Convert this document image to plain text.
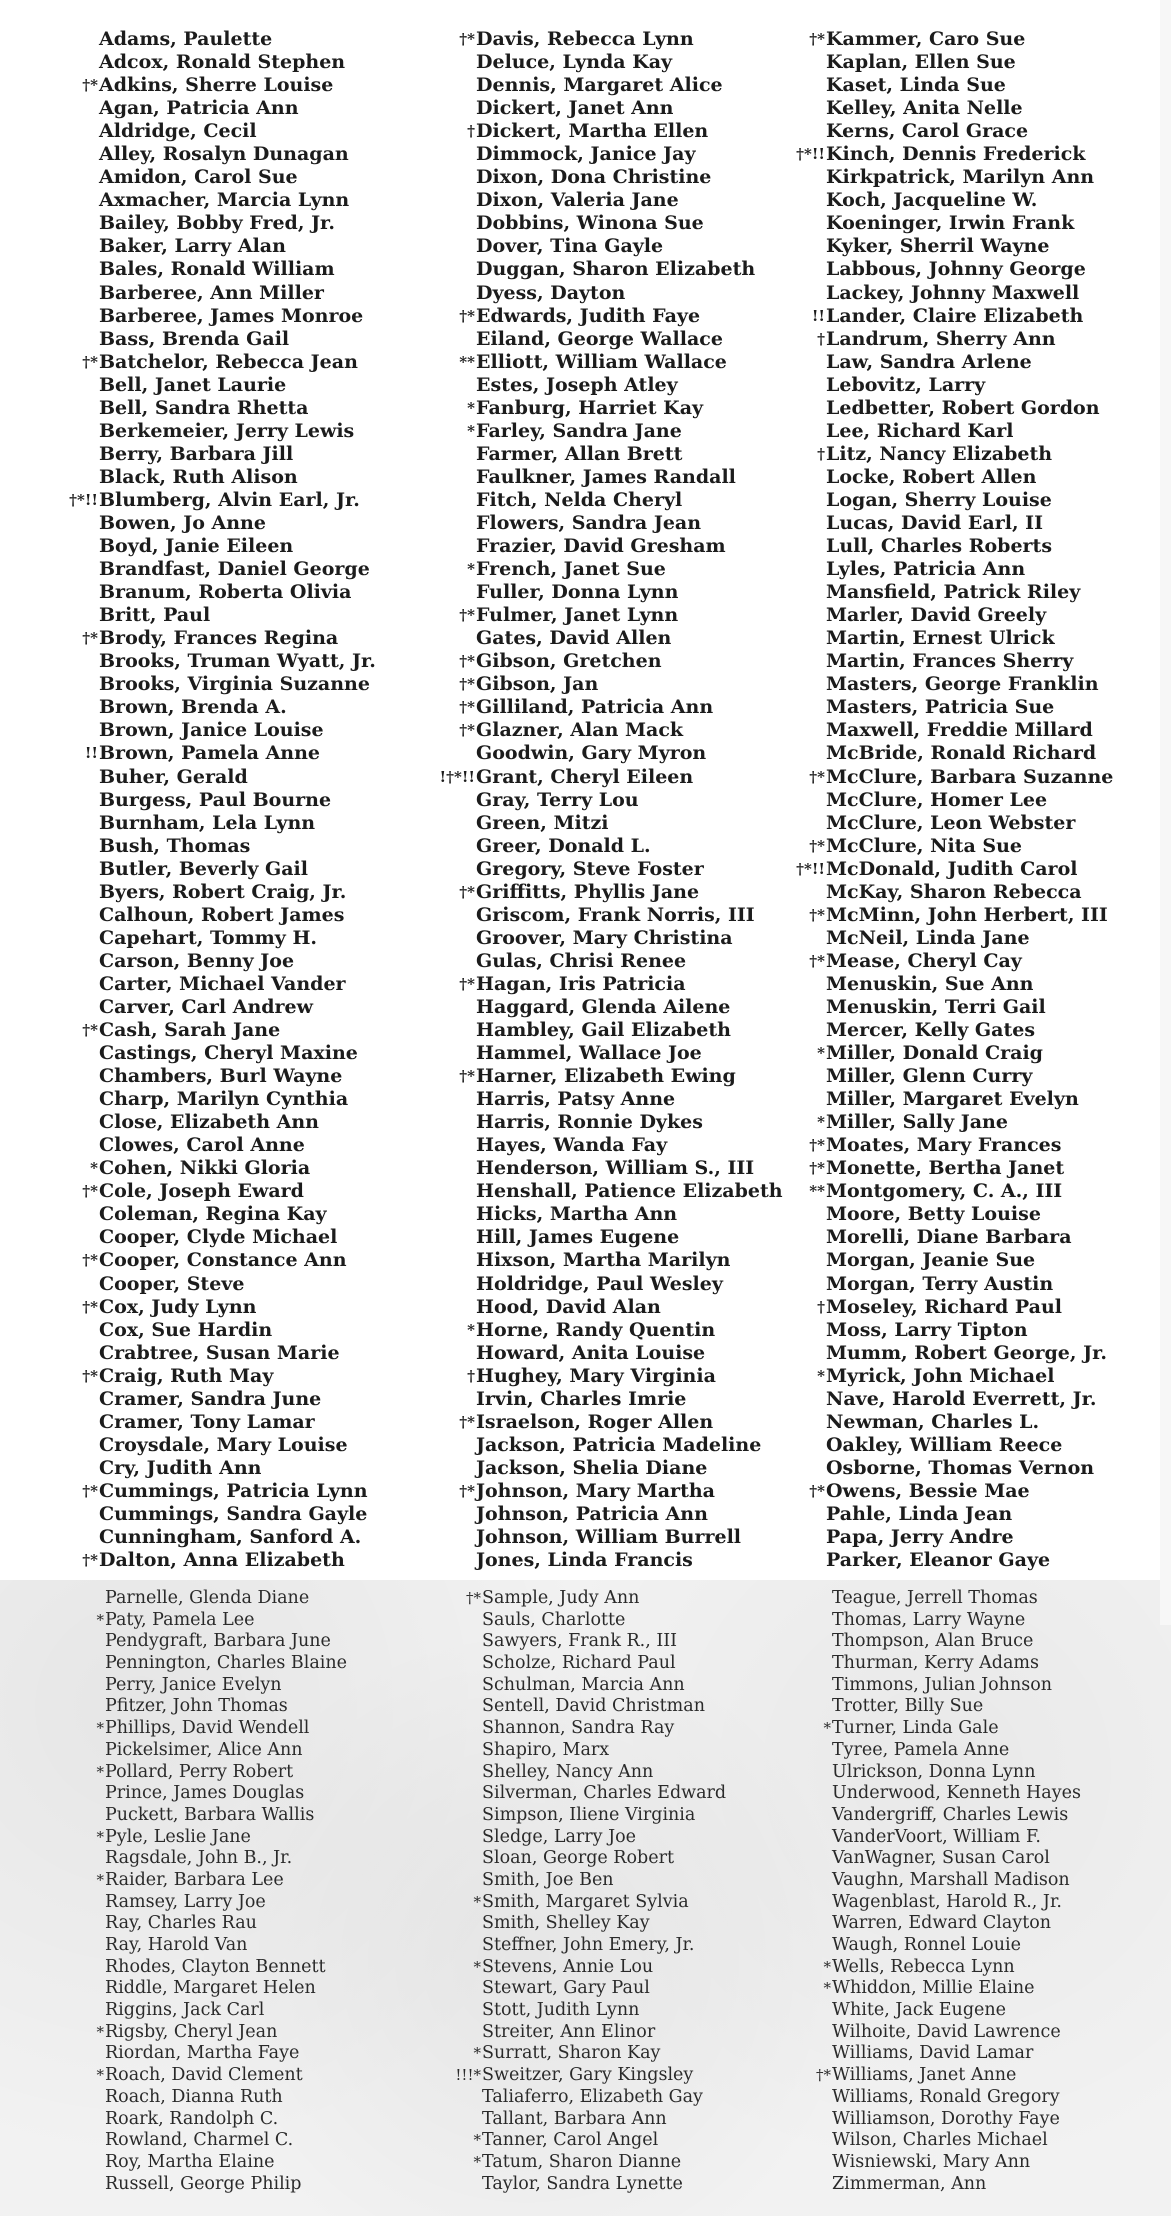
Adams, Paulette
Adcox, Ronald Stephen
†* Adkins, Sherre Louise
Agan, Patricia Ann
Aldridge, Cecil
Alley, Rosalyn Dunagan
Amidon, Carol Sue
Axmacher, Marcia Lynn
Bailey, Bobby Fred, Jr.
Baker, Larry Alan
Bales, Ronald William
Barberee, Ann Miller
Barberee, James Monroe
Bass, Brenda Gail
†* Batchelor, Rebecca Jean
Bell, Janet Laurie
Bell, Sandra Rhetta
Berkemeier, Jerry Lewis
Berry, Barbara Jill
Black, Ruth Alison
†*!! Blumberg, Alvin Earl, Jr.
Bowen, Jo Anne
Boyd, Janie Eileen
Brandfast, Daniel George
Branum, Roberta Olivia
Britt, Paul
†* Brody, Frances Regina
Brooks, Truman Wyatt, Jr.
Brooks, Virginia Suzanne
Brown, Brenda A.
Brown, Janice Louise
!! Brown, Pamela Anne
Buher, Gerald
Burgess, Paul Bourne
Burnham, Lela Lynn
Bush, Thomas
Butler, Beverly Gail
Byers, Robert Craig, Jr.
Calhoun, Robert James
Capehart, Tommy H.
Carson, Benny Joe
Carter, Michael Vander
Carver, Carl Andrew
†* Cash, Sarah Jane
Castings, Cheryl Maxine
Chambers, Burl Wayne
Charp, Marilyn Cynthia
Close, Elizabeth Ann
Clowes, Carol Anne
* Cohen, Nikki Gloria
†* Cole, Joseph Eward
Coleman, Regina Kay
Cooper, Clyde Michael
†* Cooper, Constance Ann
Cooper, Steve
†* Cox, Judy Lynn
Cox, Sue Hardin
Crabtree, Susan Marie
†* Craig, Ruth May
Cramer, Sandra June
Cramer, Tony Lamar
Croysdale, Mary Louise
Cry, Judith Ann
†* Cummings, Patricia Lynn
Cummings, Sandra Gayle
Cunningham, Sanford A.
†* Dalton, Anna Elizabeth
†* Davis, Rebecca Lynn
Deluce, Lynda Kay
Dennis, Margaret Alice
Dickert, Janet Ann
† Dickert, Martha Ellen
Dimmock, Janice Jay
Dixon, Dona Christine
Dixon, Valeria Jane
Dobbins, Winona Sue
Dover, Tina Gayle
Duggan, Sharon Elizabeth
Dyess, Dayton
†* Edwards, Judith Faye
Eiland, George Wallace
** Elliott, William Wallace
Estes, Joseph Atley
* Fanburg, Harriet Kay
* Farley, Sandra Jane
Farmer, Allan Brett
Faulkner, James Randall
Fitch, Nelda Cheryl
Flowers, Sandra Jean
Frazier, David Gresham
* French, Janet Sue
Fuller, Donna Lynn
†* Fulmer, Janet Lynn
Gates, David Allen
†* Gibson, Gretchen
†* Gibson, Jan
†* Gilliland, Patricia Ann
†* Glazner, Alan Mack
Goodwin, Gary Myron
!†*!! Grant, Cheryl Eileen
Gray, Terry Lou
Green, Mitzi
Greer, Donald L.
Gregory, Steve Foster
†* Griffitts, Phyllis Jane
Griscom, Frank Norris, III
Groover, Mary Christina
Gulas, Chrisi Renee
†* Hagan, Iris Patricia
Haggard, Glenda Ailene
Hambley, Gail Elizabeth
Hammel, Wallace Joe
†* Harner, Elizabeth Ewing
Harris, Patsy Anne
Harris, Ronnie Dykes
Hayes, Wanda Fay
Henderson, William S., III
Henshall, Patience Elizabeth
Hicks, Martha Ann
Hill, James Eugene
Hixson, Martha Marilyn
Holdridge, Paul Wesley
Hood, David Alan
* Horne, Randy Quentin
Howard, Anita Louise
† Hughey, Mary Virginia
Irvin, Charles Imrie
†* Israelson, Roger Allen
Jackson, Patricia Madeline
Jackson, Shelia Diane
†* Johnson, Mary Martha
Johnson, Patricia Ann
Johnson, William Burrell
Jones, Linda Francis
†* Kammer, Caro Sue
Kaplan, Ellen Sue
Kaset, Linda Sue
Kelley, Anita Nelle
Kerns, Carol Grace
†*!! Kinch, Dennis Frederick
Kirkpatrick, Marilyn Ann
Koch, Jacqueline W.
Koeninger, Irwin Frank
Kyker, Sherril Wayne
Labbous, Johnny George
Lackey, Johnny Maxwell
!! Lander, Claire Elizabeth
† Landrum, Sherry Ann
Law, Sandra Arlene
Lebovitz, Larry
Ledbetter, Robert Gordon
Lee, Richard Karl
† Litz, Nancy Elizabeth
Locke, Robert Allen
Logan, Sherry Louise
Lucas, David Earl, II
Lull, Charles Roberts
Lyles, Patricia Ann
Mansfield, Patrick Riley
Marler, David Greely
Martin, Ernest Ulrick
Martin, Frances Sherry
Masters, George Franklin
Masters, Patricia Sue
Maxwell, Freddie Millard
McBride, Ronald Richard
†* McClure, Barbara Suzanne
McClure, Homer Lee
McClure, Leon Webster
†* McClure, Nita Sue
†*!! McDonald, Judith Carol
McKay, Sharon Rebecca
†* McMinn, John Herbert, III
McNeil, Linda Jane
†* Mease, Cheryl Cay
Menuskin, Sue Ann
Menuskin, Terri Gail
Mercer, Kelly Gates
* Miller, Donald Craig
Miller, Glenn Curry
Miller, Margaret Evelyn
* Miller, Sally Jane
†* Moates, Mary Frances
†* Monette, Bertha Janet
** Montgomery, C. A., III
Moore, Betty Louise
Morelli, Diane Barbara
Morgan, Jeanie Sue
Morgan, Terry Austin
† Moseley, Richard Paul
Moss, Larry Tipton
Mumm, Robert George, Jr.
* Myrick, John Michael
Nave, Harold Everrett, Jr.
Newman, Charles L.
Oakley, William Reece
Osborne, Thomas Vernon
†* Owens, Bessie Mae
Pahle, Linda Jean
Papa, Jerry Andre
Parker, Eleanor Gaye
Parnelle, Glenda Diane
* Paty, Pamela Lee
Pendygraft, Barbara June
Pennington, Charles Blaine
Perry, Janice Evelyn
Pfitzer, John Thomas
* Phillips, David Wendell
Pickelsimer, Alice Ann
* Pollard, Perry Robert
Prince, James Douglas
Puckett, Barbara Wallis
* Pyle, Leslie Jane
Ragsdale, John B., Jr.
* Raider, Barbara Lee
Ramsey, Larry Joe
Ray, Charles Rau
Ray, Harold Van
Rhodes, Clayton Bennett
Riddle, Margaret Helen
Riggins, Jack Carl
* Rigsby, Cheryl Jean
Riordan, Martha Faye
* Roach, David Clement
Roach, Dianna Ruth
Roark, Randolph C.
Rowland, Charmel C.
Roy, Martha Elaine
Russell, George Philip
†* Sample, Judy Ann
Sauls, Charlotte
Sawyers, Frank R., III
Scholze, Richard Paul
Schulman, Marcia Ann
Sentell, David Christman
Shannon, Sandra Ray
Shapiro, Marx
Shelley, Nancy Ann
Silverman, Charles Edward
Simpson, Iliene Virginia
Sledge, Larry Joe
Sloan, George Robert
Smith, Joe Ben
* Smith, Margaret Sylvia
Smith, Shelley Kay
Steffner, John Emery, Jr.
* Stevens, Annie Lou
Stewart, Gary Paul
Stott, Judith Lynn
Streiter, Ann Elinor
* Surratt, Sharon Kay
!!!* Sweitzer, Gary Kingsley
Taliaferro, Elizabeth Gay
Tallant, Barbara Ann
* Tanner, Carol Angel
* Tatum, Sharon Dianne
Taylor, Sandra Lynette
Teague, Jerrell Thomas
Thomas, Larry Wayne
Thompson, Alan Bruce
Thurman, Kerry Adams
Timmons, Julian Johnson
Trotter, Billy Sue
* Turner, Linda Gale
Tyree, Pamela Anne
Ulrickson, Donna Lynn
Underwood, Kenneth Hayes
Vandergriff, Charles Lewis
VanderVoort, William F.
VanWagner, Susan Carol
Vaughn, Marshall Madison
Wagenblast, Harold R., Jr.
Warren, Edward Clayton
Waugh, Ronnel Louie
* Wells, Rebecca Lynn
* Whiddon, Millie Elaine
White, Jack Eugene
Wilhoite, David Lawrence
Williams, David Lamar
†* Williams, Janet Anne
Williams, Ronald Gregory
Williamson, Dorothy Faye
Wilson, Charles Michael
Wisniewski, Mary Ann
Zimmerman, Ann
